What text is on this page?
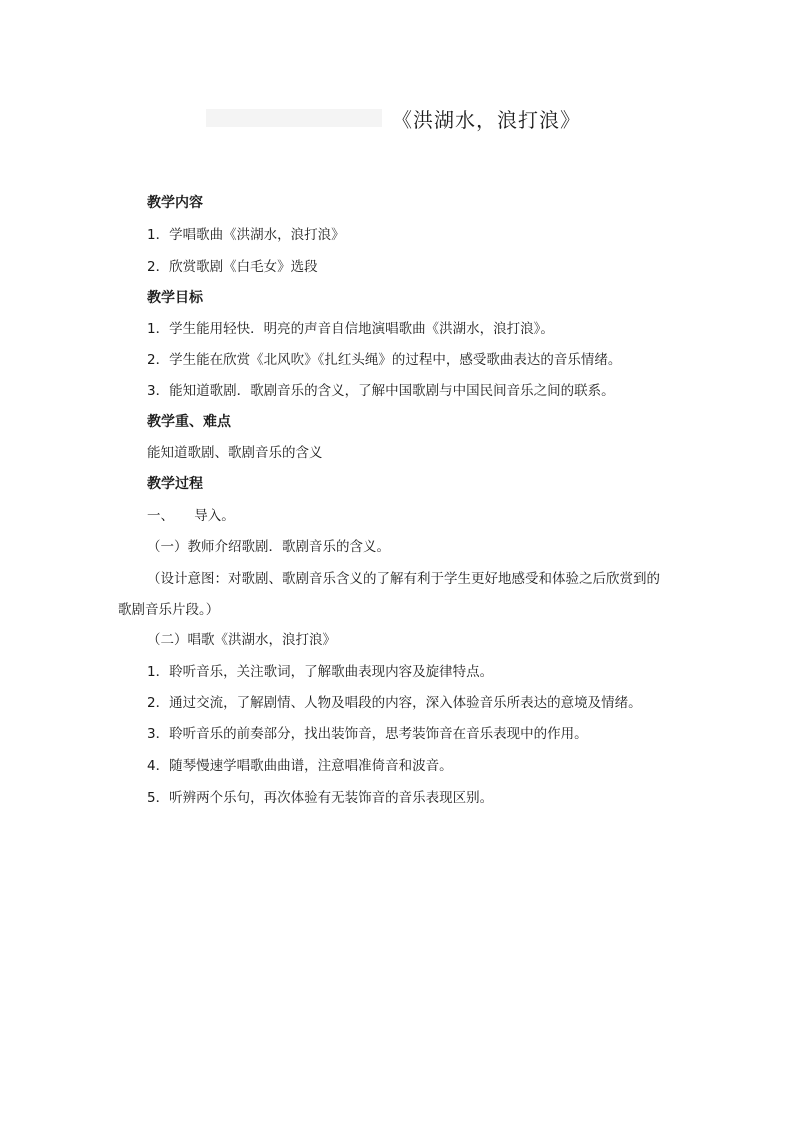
《洪湖水，浪打浪》
教学内容
1．学唱歌曲《洪湖水，浪打浪》
2．欣赏歌剧《白毛女》选段
教学目标
1．学生能用轻快．明亮的声音自信地演唱歌曲《洪湖水，浪打浪》。
2．学生能在欣赏《北风吹》《扎红头绳》的过程中，感受歌曲表达的音乐情绪。
3．能知道歌剧．歌剧音乐的含义，了解中国歌剧与中国民间音乐之间的联系。
教学重、难点
能知道歌剧、歌剧音乐的含义
教学过程
一、　　导入。
（一）教师介绍歌剧．歌剧音乐的含义。
（设计意图：对歌剧、歌剧音乐含义的了解有利于学生更好地感受和体验之后欣赏到的
歌剧音乐片段。）
（二）唱歌《洪湖水，浪打浪》
1．聆听音乐，关注歌词，了解歌曲表现内容及旋律特点。
2．通过交流，了解剧情、人物及唱段的内容，深入体验音乐所表达的意境及情绪。
3．聆听音乐的前奏部分，找出装饰音，思考装饰音在音乐表现中的作用。
4．随琴慢速学唱歌曲曲谱，注意唱准倚音和波音。
5．听辨两个乐句，再次体验有无装饰音的音乐表现区别。
